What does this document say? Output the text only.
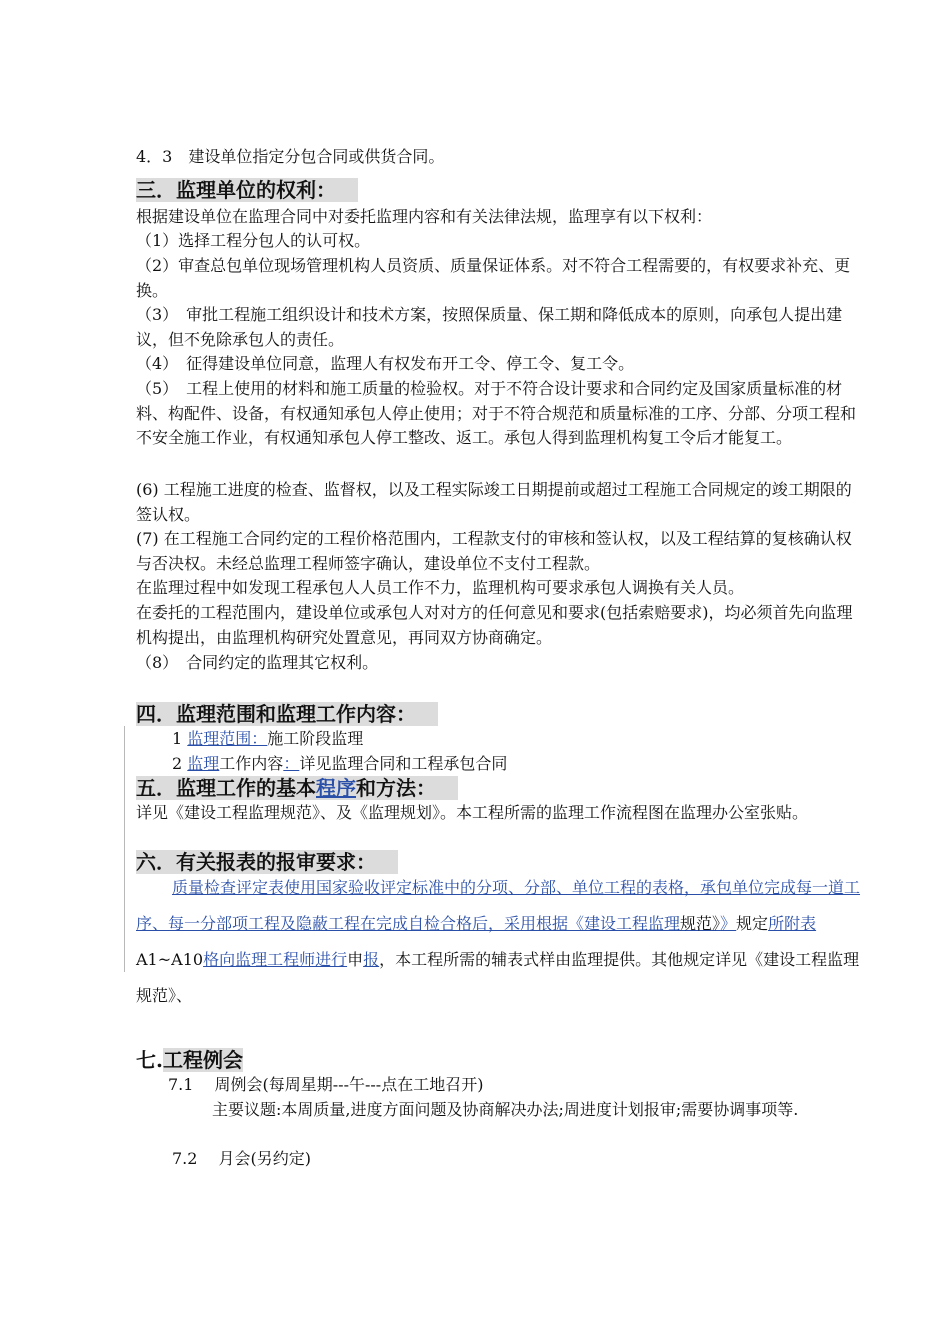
4．3　建设单位指定分包合同或供货合同。

三．监理单位的权利：

根据建设单位在监理合同中对委托监理内容和有关法律法规，监理享有以下权利：

（1）选择工程分包人的认可权。

（2）审查总包单位现场管理机构人员资质、质量保证体系。对不符合工程需要的，有权要求补充、更换。

（3）　审批工程施工组织设计和技术方案，按照保质量、保工期和降低成本的原则，向承包人提出建议，但不免除承包人的责任。

（4）　征得建设单位同意，监理人有权发布开工令、停工令、复工令。

（5）　工程上使用的材料和施工质量的检验权。对于不符合设计要求和合同约定及国家质量标准的材料、构配件、设备，有权通知承包人停止使用；对于不符合规范和质量标准的工序、分部、分项工程和不安全施工作业，有权通知承包人停工整改、返工。承包人得到监理机构复工令后才能复工。

(6) 工程施工进度的检查、监督权，以及工程实际竣工日期提前或超过工程施工合同规定的竣工期限的签认权。

(7) 在工程施工合同约定的工程价格范围内，工程款支付的审核和签认权，以及工程结算的复核确认权与否决权。未经总监理工程师签字确认，建设单位不支付工程款。

在监理过程中如发现工程承包人人员工作不力，监理机构可要求承包人调换有关人员。

在委托的工程范围内，建设单位或承包人对对方的任何意见和要求(包括索赔要求)，均必须首先向监理机构提出，由监理机构研究处置意见，再同双方协商确定。

（8）　合同约定的监理其它权利。

四．监理范围和监理工作内容：

1 监理范围：施工阶段监理

2 监理工作内容：详见监理合同和工程承包合同

五．监理工作的基本程序和方法：

详见《建设工程监理规范》、及《监理规划》。本工程所需的监理工作流程图在监理办公室张贴。

六．有关报表的报审要求：

质量检查评定表使用国家验收评定标准中的分项、分部、单位工程的表格，承包单位完成每一道工序、每一分部项工程及隐蔽工程在完成自检合格后，采用根据《建设工程监理规范》》规定所附表A1~A10格向监理工程师进行申报，本工程所需的辅表式样由监理提供。其他规定详见《建设工程监理规范》、

七.工程例会

7.1　 周例会(每周星期---午---点在工地召开)

主要议题:本周质量,进度方面问题及协商解决办法;周进度计划报审;需要协调事项等.

7.2　 月会(另约定)
